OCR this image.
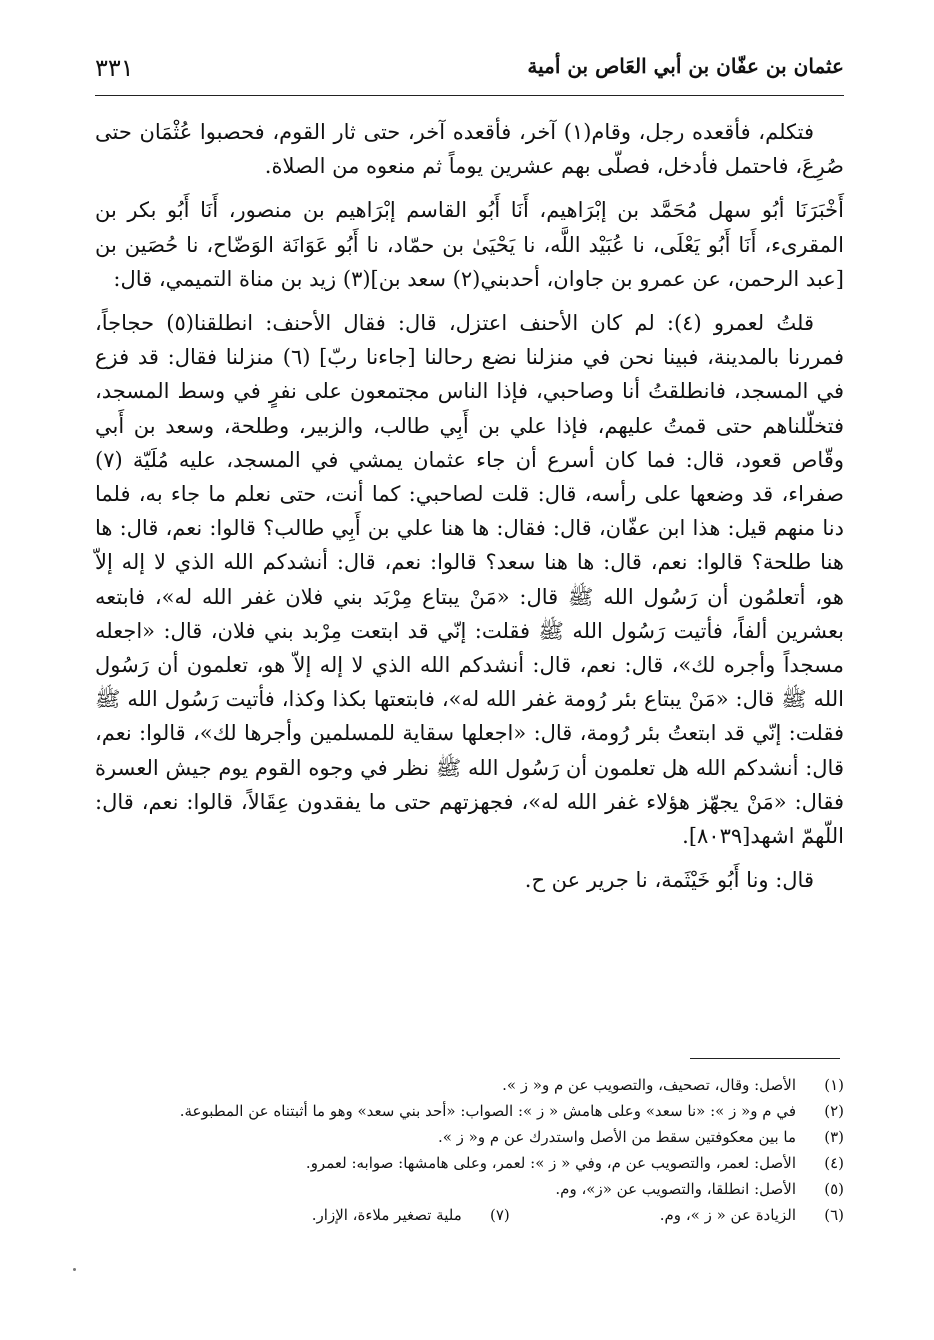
عثمان بن عفّان بن أبي العَاص بن أمية
٣٣١

فتكلم، فأقعده رجل، وقام(١) آخر، فأقعده آخر، حتى ثار القوم، فحصبوا عُثْمَان حتى صُرِعَ، فاحتمل فأدخل، فصلّى بهم عشرين يوماً ثم منعوه من الصلاة.

أَخْبَرَنَا أبُو سهل مُحَمَّد بن إبْرَاهيم، أَنَا أَبُو القاسم إبْرَاهيم بن منصور، أَنَا أَبُو بكر بن المقرىء، أَنَا أَبُو يَعْلَى، نا عُبَيْد اللَّه، نا يَحْيَىٰ بن حمّاد، نا أَبُو عَوَانَة الوَضّاح، نا حُصَين بن [عبد الرحمن، عن عمرو بن جاوان، أحدبني(٢) سعد بن](٣) زيد بن مناة التميمي، قال:

قلتُ لعمرو (٤): لم كان الأحنف اعتزل، قال: فقال الأحنف: انطلقنا(٥) حجاجاً، فمررنا بالمدينة، فبينا نحن في منزلنا نضع رحالنا [جاءنا ربّ] (٦) منزلنا فقال: قد فزع في المسجد، فانطلقتُ أنا وصاحبي، فإذا الناس مجتمعون على نفرٍ في وسط المسجد، فتخلّلناهم حتى قمتُ عليهم، فإذا علي بن أَبِي طالب، والزبير، وطلحة، وسعد بن أَبي وقّاص قعود، قال: فما كان أسرع أن جاء عثمان يمشي في المسجد، عليه مُلَيّة (٧) صفراء، قد وضعها على رأسه، قال: قلت لصاحبي: كما أنت، حتى نعلم ما جاء به، فلما دنا منهم قيل: هذا ابن عفّان، قال: فقال: ها هنا علي بن أَبِي طالب؟ قالوا: نعم، قال: ها هنا طلحة؟ قالوا: نعم، قال: ها هنا سعد؟ قالوا: نعم، قال: أنشدكم الله الذي لا إله إلاّ هو، أتعلمُون أن رَسُول الله ﷺ قال: «مَنْ يبتاع مِرْبَد بني فلان غفر الله له»، فابتعه بعشرين ألفاً، فأتيت رَسُول الله ﷺ فقلت: إنّي قد ابتعت مِرْبد بني فلان، قال: «اجعله مسجداً وأجره لك»، قال: نعم، قال: أنشدكم الله الذي لا إله إلاّ هو، تعلمون أن رَسُول الله ﷺ قال: «مَنْ يبتاع بئر رُومة غفر الله له»، فابتعتها بكذا وكذا، فأتيت رَسُول الله ﷺ فقلت: إنّي قد ابتعتُ بئر رُومة، قال: «اجعلها سقاية للمسلمين وأجرها لك»، قالوا: نعم، قال: أنشدكم الله هل تعلمون أن رَسُول الله ﷺ نظر في وجوه القوم يوم جيش العسرة فقال: «مَنْ يجهّز هؤلاء غفر الله له»، فجهزتهم حتى ما يفقدون عِقَالاً، قالوا: نعم، قال: اللّهمّ اشهد[٨٠٣٩].

قال: ونا أَبُو خَيْثَمة، نا جرير عن ح.

(١)الأصل: وقال، تصحيف، والتصويب عن م و« ز ».

(٢)في م و« ز »: «نا سعد» وعلى هامش « ز »: الصواب: «أحد بني سعد» وهو ما أثبتناه عن المطبوعة.

(٣)ما بين معكوفتين سقط من الأصل واستدرك عن م و« ز ».

(٤)الأصل: لعمر، والتصويب عن م، وفي « ز »: لعمر، وعلى هامشها: صوابه: لعمرو.

(٥)الأصل: انطلقا، والتصويب عن «ز»، وم.

(٦)الزيادة عن « ز »، وم.
(٧)ملية تصغير ملاءة، الإزار.
